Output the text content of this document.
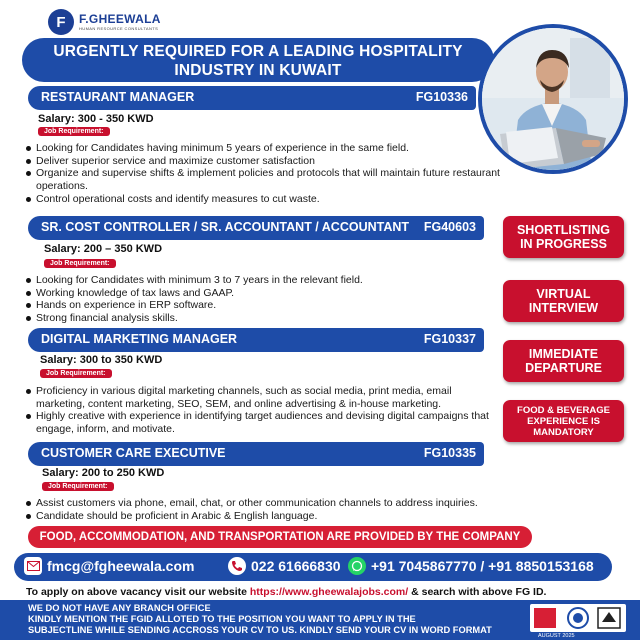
F	F.GHEEWALA
HUMAN RESOURCE CONSULTANTS
URGENTLY REQUIRED FOR A LEADING HOSPITALITY
INDUSTRY IN KUWAIT
RESTAURANT MANAGER	FG10336
Salary: 300 - 350 KWD
Job Requirement:
Looking for Candidates having minimum 5 years of experience in the same field.
Deliver superior service and maximize customer satisfaction
Organize and supervise shifts & implement policies and protocols that will maintain future restaurant operations.
Control operational costs and identify measures to cut waste.
SR. COST CONTROLLER / SR. ACCOUNTANT / ACCOUNTANT FG40603
Salary: 200 – 350 KWD
Job Requirement:
Looking for Candidates with minimum 3 to 7 years in the relevant field.
Working knowledge of tax laws and GAAP.
Hands on experience in ERP software.
Strong financial analysis skills.
DIGITAL MARKETING MANAGER	FG10337
Salary: 300 to 350 KWD
Job Requirement:
Proficiency in various digital marketing channels, such as social media, print media, email marketing, content marketing, SEO, SEM, and online advertising & in-house marketing.
Highly creative with experience in identifying target audiences and devising digital campaigns that engage, inform, and motivate.
CUSTOMER CARE EXECUTIVE	FG10335
Salary: 200 to 250 KWD
Job Requirement:
Assist customers via phone, email, chat, or other communication channels to address inquiries.
Candidate should be proficient in Arabic & English language.
SHORTLISTING
IN PROGRESS
VIRTUAL
INTERVIEW
IMMEDIATE
DEPARTURE
FOOD & BEVERAGE
EXPERIENCE IS
MANDATORY
FOOD, ACCOMMODATION, AND TRANSPORTATION ARE PROVIDED BY THE COMPANY
fmcg@fgheewala.com	022 61666830 +91 7045867770 / +91 8850153168
To apply on above vacancy visit our website https://www.gheewalajobs.com/ & search with above FG ID.
WE DO NOT HAVE ANY BRANCH OFFICE
KINDLY MENTION THE FGID ALLOTED TO THE POSITION YOU WANT TO APPLY IN THE
SUBJECTLINE WHILE SENDING ACCROSS YOUR CV TO US. KINDLY SEND YOUR CV IN WORD FORMAT
AUGUST 2025
